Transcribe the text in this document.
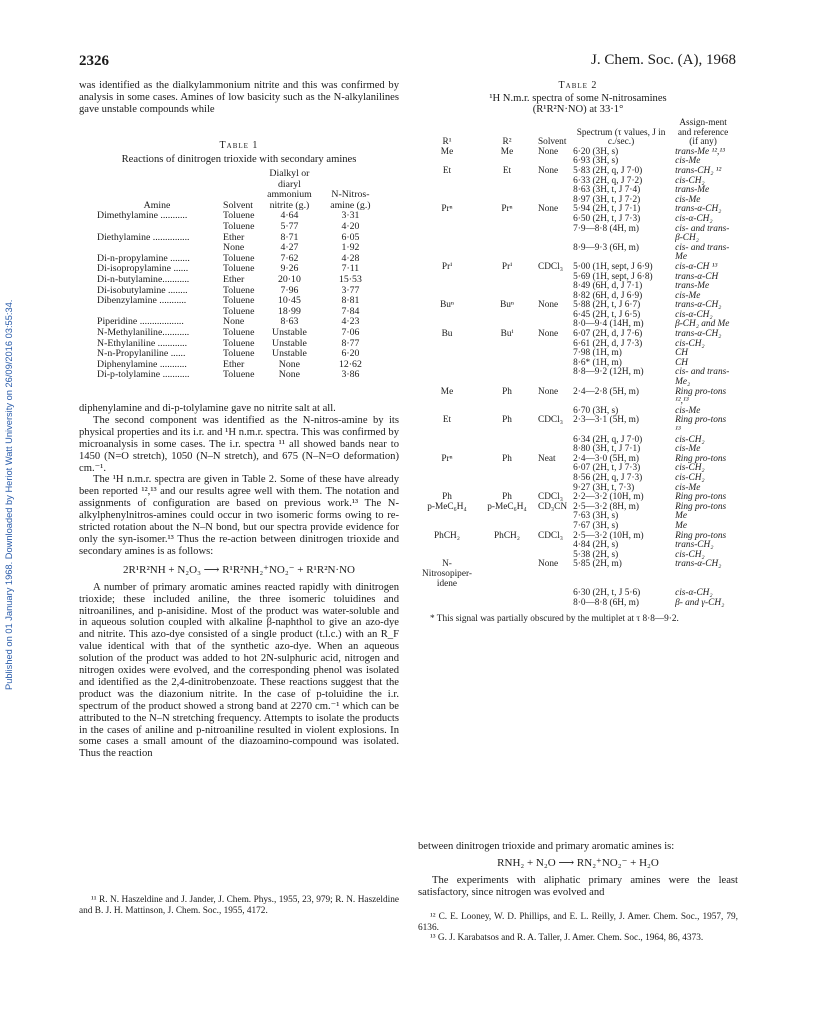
2326	J. Chem. Soc. (A), 1968
Published on 01 January 1968. Downloaded by Heriot Watt University on 26/09/2016 03:55:34.

was identified as the dialkylammonium nitrite and this was confirmed by analysis in some cases. Amines of low basicity such as the N-alkylanilines gave unstable compounds while

Table 1
Reactions of dinitrogen trioxide with secondary amines
Amine	Solvent	Dialkyl or diaryl ammonium nitrite (g.)	N-Nitros- amine (g.)
Dimethylamine ...........	Toluene	4·64	3·31
	Toluene	5·77	4·20
Diethylamine ...............	Ether	8·71	6·05
	None	4·27	1·92
Di-n-propylamine ........	Toluene	7·62	4·28
Di-isopropylamine ......	Toluene	9·26	7·11
Di-n-butylamine...........	Ether	20·10	15·53
Di-isobutylamine ........	Toluene	7·96	3·77
Dibenzylamine ...........	Toluene	10·45	8·81
	Toluene	18·99	7·84
Piperidine ..................	None	8·63	4·23
N-Methylaniline...........	Toluene	Unstable	7·06
N-Ethylaniline ............	Toluene	Unstable	8·77
N-n-Propylaniline ......	Toluene	Unstable	6·20
Diphenylamine ...........	Ether	None	12·62
Di-p-tolylamine ...........	Toluene	None	3·86

diphenylamine and di-p-tolylamine gave no nitrite salt at all.

The second component was identified as the N-nitros-amine by its physical properties and its i.r. and ¹H n.m.r. spectra. This was confirmed by microanalysis in some cases. The i.r. spectra ¹¹ all showed bands near to 1450 (N=O stretch), 1050 (N–N stretch), and 675 (N–N=O deformation) cm.⁻¹.

The ¹H n.m.r. spectra are given in Table 2. Some of these have already been reported ¹²,¹³ and our results agree well with them. The notation and assignments of configuration are based on previous work.¹³ The N-alkylphenylnitros-amines could occur in two isomeric forms owing to re-stricted rotation about the N–N bond, but our spectra provide evidence for only the syn-isomer.¹³ Thus the re-action between dinitrogen trioxide and secondary amines is as follows:

2R¹R²NH + N₂O₃ ⟶ R¹R²NH₂⁺NO₂⁻ + R¹R²N·NO

A number of primary aromatic amines reacted rapidly with dinitrogen trioxide; these included aniline, the three isomeric toluidines and nitroanilines, and p-anisidine. Most of the product was water-soluble and in aqueous solution coupled with alkaline β-naphthol to give an azo-dye and nitrite. This azo-dye consisted of a single product (t.l.c.) with an R_F value identical with that of the synthetic azo-dye. When an aqueous solution of the product was added to hot 2N-sulphuric acid, nitrogen and nitrogen oxides were evolved, and the corresponding phenol was isolated and identified as the 2,4-dinitrobenzoate. These reactions suggest that the product was the diazonium nitrite. In the case of p-toluidine the i.r. spectrum of the product showed a strong band at 2270 cm.⁻¹ which can be attributed to the N–N stretching frequency. Attempts to isolate the products in the cases of aniline and p-nitroaniline resulted in violent explosions. In some cases a small amount of the diazoamino-compound was isolated. Thus the reaction

¹¹ R. N. Haszeldine and J. Jander, J. Chem. Phys., 1955, 23, 979; R. N. Haszeldine and B. J. H. Mattinson, J. Chem. Soc., 1955, 4172.

Table 2
¹H N.m.r. spectra of some N-nitrosamines
(R¹R²N·NO) at 33·1°
R¹	R²	Solvent	Spectrum (τ values, J in c./sec.)	Assign-ment and reference (if any)
Me	Me	None	6·20 (3H, s)	trans-Me ¹²,¹³
			6·93 (3H, s)	cis-Me
Et	Et	None	5·83 (2H, q, J 7·0)	trans-CH₂ ¹²
			6·33 (2H, q, J 7·2)	cis-CH₂
			8·63 (3H, t, J 7·4)	trans-Me
			8·97 (3H, t, J 7·2)	cis-Me
Prⁿ	Prⁿ	None	5·94 (2H, t, J 7·1)	trans-α-CH₂
			6·50 (2H, t, J 7·3)	cis-α-CH₂
			7·9—8·8 (4H, m)	cis- and trans-β-CH₂
			8·9—9·3 (6H, m)	cis- and trans-Me
Prⁱ	Prⁱ	CDCl₃	5·00 (1H, sept, J 6·9)	cis-α-CH ¹³
			5·69 (1H, sept, J 6·8)	trans-α-CH
			8·49 (6H, d, J 7·1)	trans-Me
			8·82 (6H, d, J 6·9)	cis-Me
Buⁿ	Buⁿ	None	5·88 (2H, t, J 6·7)	trans-α-CH₂
			6·45 (2H, t, J 6·5)	cis-α-CH₂
			8·0—9·4 (14H, m)	β-CH₂ and Me
Bu	Buⁱ	None	6·07 (2H, d, J 7·6)	trans-α-CH₂
			6·61 (2H, d, J 7·3)	cis-CH₂
			7·98 (1H, m)	CH
			8·6* (1H, m)	CH
			8·8—9·2 (12H, m)	cis- and trans-Me₂
Me	Ph	None	2·4—2·8 (5H, m)	Ring pro-tons ¹²,¹³
			6·70 (3H, s)	cis-Me
Et	Ph	CDCl₃	2·3—3·1 (5H, m)	Ring pro-tons ¹³
			6·34 (2H, q, J 7·0)	cis-CH₂
			8·80 (3H, t, J 7·1)	cis-Me
Prⁿ	Ph	Neat	2·4—3·0 (5H, m)	Ring pro-tons
			6·07 (2H, t, J 7·3)	cis-CH₂
			8·56 (2H, q, J 7·3)	cis-CH₂
			9·27 (3H, t, 7·3)	cis-Me
Ph	Ph	CDCl₃	2·2—3·2 (10H, m)	Ring pro-tons
p-MeC₆H₄	p-MeC₆H₄	CD₃CN	2·5—3·2 (8H, m)	Ring pro-tons
			7·63 (3H, s)	Me
			7·67 (3H, s)	Me
PhCH₂	PhCH₂	CDCl₃	2·5—3·2 (10H, m)	Ring pro-tons
			4·84 (2H, s)	trans-CH₂
			5·38 (2H, s)	cis-CH₂
N-Nitrosopiper-idene		None	5·85 (2H, m)	trans-α-CH₂
			6·30 (2H, t, J 5·6)	cis-α-CH₂
			8·0—8·8 (6H, m)	β- and γ-CH₂
* This signal was partially obscured by the multiplet at τ 8·8—9·2.

between dinitrogen trioxide and primary aromatic amines is:

RNH₂ + N₂O ⟶ RN₂⁺NO₂⁻ + H₂O

The experiments with aliphatic primary amines were the least satisfactory, since nitrogen was evolved and

¹² C. E. Looney, W. D. Phillips, and E. L. Reilly, J. Amer. Chem. Soc., 1957, 79, 6136.

¹³ G. J. Karabatsos and R. A. Taller, J. Amer. Chem. Soc., 1964, 86, 4373.
